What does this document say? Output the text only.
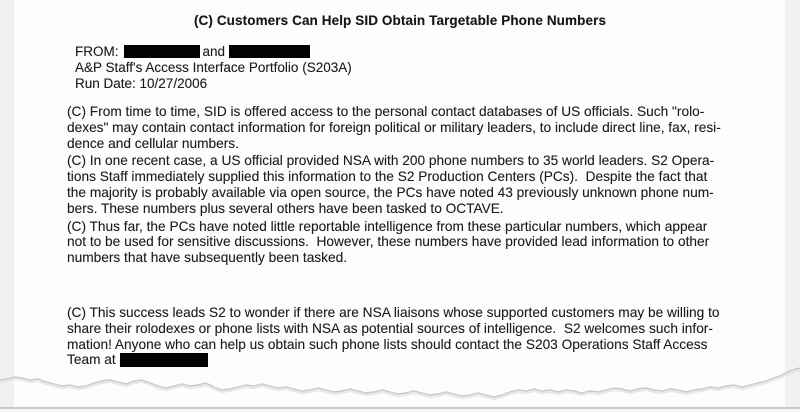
(C) Customers Can Help SID Obtain Targetable Phone Numbers
FROM:	and
A&P Staff's Access Interface Portfolio (S203A)
Run Date: 10/27/2006
(C) From time to time, SID is offered access to the personal contact databases of US officials. Such "rolo-
dexes" may contain contact information for foreign political or military leaders, to include direct line, fax, resi-
dence and cellular numbers.
(C) In one recent case, a US official provided NSA with 200 phone numbers to 35 world leaders. S2 Opera-
tions Staff immediately supplied this information to the S2 Production Centers (PCs).  Despite the fact that
the majority is probably available via open source, the PCs have noted 43 previously unknown phone num-
bers. These numbers plus several others have been tasked to OCTAVE.
(C) Thus far, the PCs have noted little reportable intelligence from these particular numbers, which appear
not to be used for sensitive discussions.  However, these numbers have provided lead information to other
numbers that have subsequently been tasked.
(C) This success leads S2 to wonder if there are NSA liaisons whose supported customers may be willing to
share their rolodexes or phone lists with NSA as potential sources of intelligence.  S2 welcomes such infor-
mation! Anyone who can help us obtain such phone lists should contact the S203 Operations Staff Access
Team at
